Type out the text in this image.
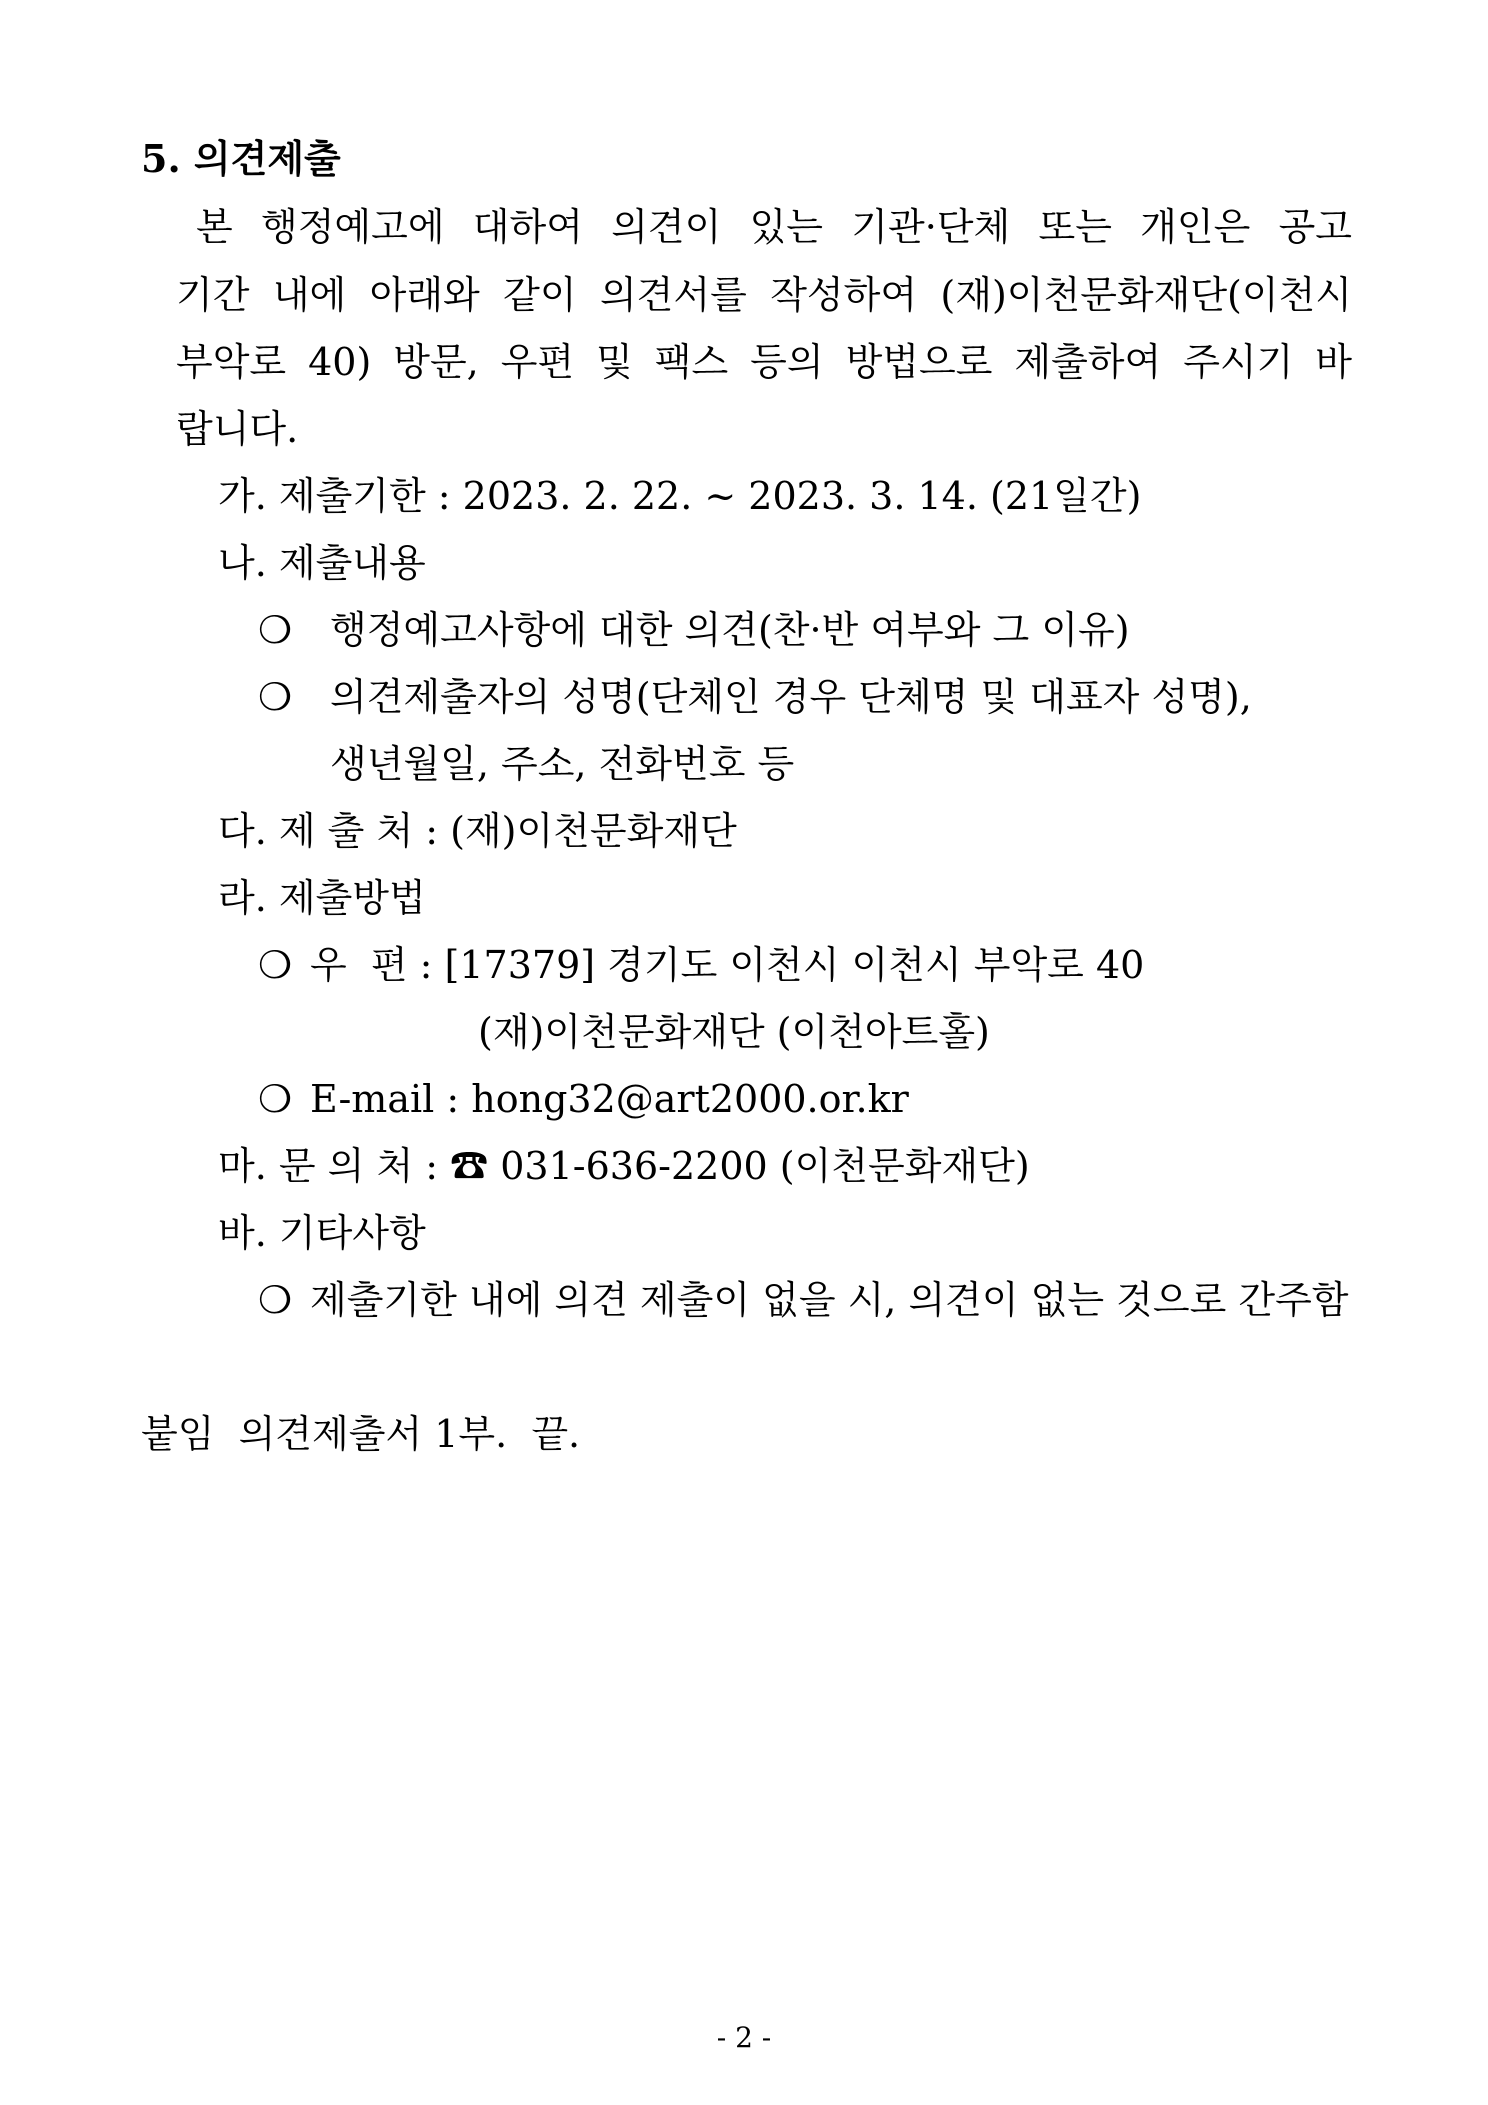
5. 의견제출
본 행정예고에 대하여 의견이 있는 기관·단체 또는 개인은 공고
기간 내에 아래와 같이 의견서를 작성하여 (재)이천문화재단(이천시
부악로 40) 방문, 우편 및 팩스 등의 방법으로 제출하여 주시기 바
랍니다.
가. 제출기한 : 2023. 2. 22. ~ 2023. 3. 14. (21일간)
나. 제출내용
❍ 행정예고사항에 대한 의견(찬·반 여부와 그 이유)
❍ 의견제출자의 성명(단체인 경우 단체명 및 대표자 성명),
생년월일, 주소, 전화번호 등
다. 제 출 처 : (재)이천문화재단
라. 제출방법
❍ 우  편 : [17379] 경기도 이천시 이천시 부악로 40
(재)이천문화재단 (이천아트홀)
❍ E-mail : hong32@art2000.or.kr
마. 문 의 처 : ☎ 031-636-2200 (이천문화재단)
바. 기타사항
❍ 제출기한 내에 의견 제출이 없을 시, 의견이 없는 것으로 간주함
붙임  의견제출서 1부.  끝.
- 2 -
